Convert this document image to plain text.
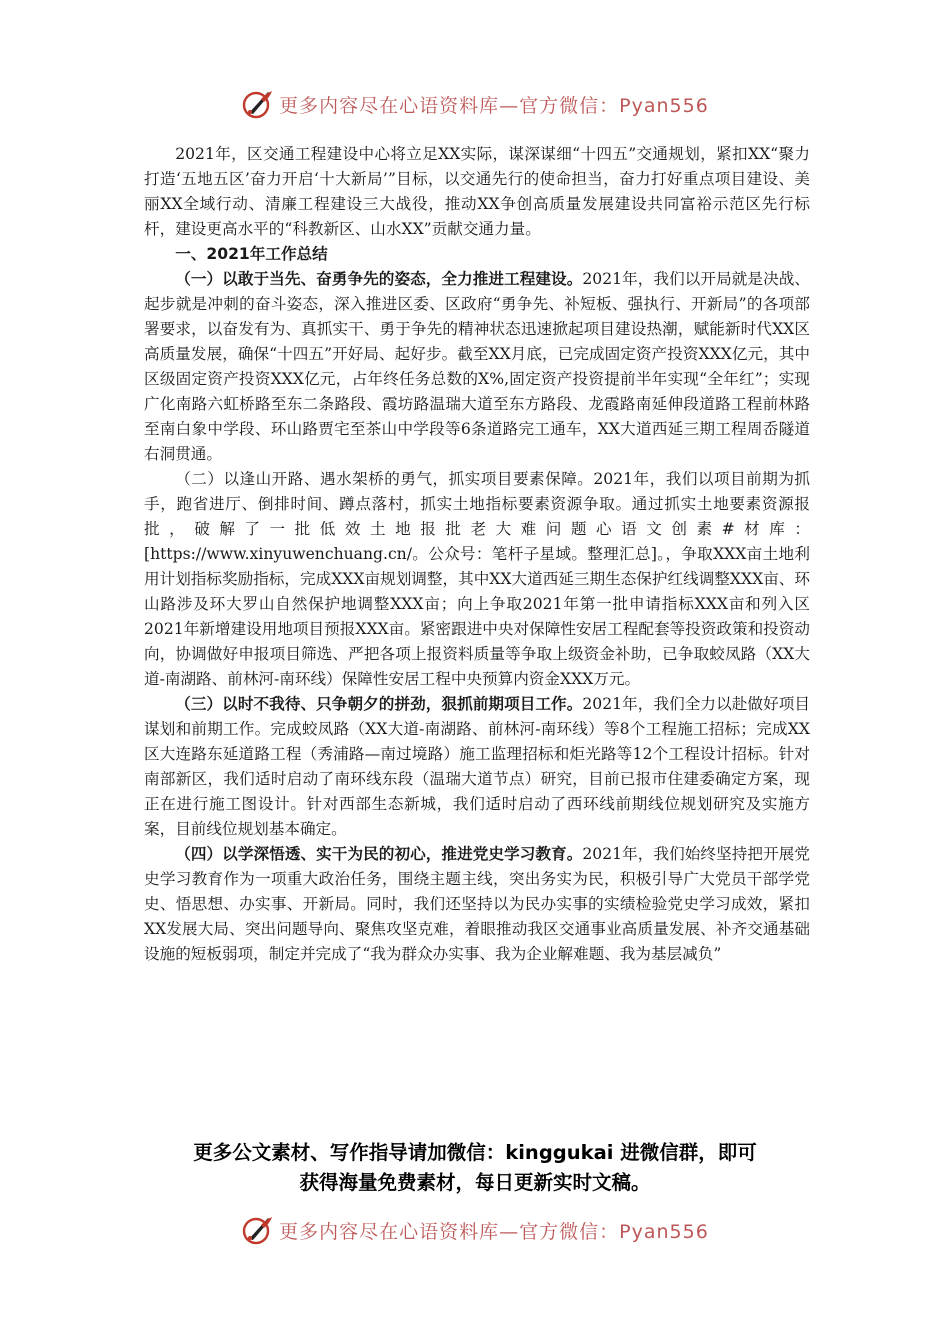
更多内容尽在心语资料库—官方微信：Pyan556

2021年，区交通工程建设中心将立足XX实际，谋深谋细“十四五”交通规划，紧扣XX“聚力打造‘五地五区’奋力开启‘十大新局’”目标，以交通先行的使命担当，奋力打好重点项目建设、美丽XX全域行动、清廉工程建设三大战役，推动XX争创高质量发展建设共同富裕示范区先行标杆，建设更高水平的“科教新区、山水XX”贡献交通力量。

一、2021年工作总结

（一）以敢于当先、奋勇争先的姿态，全力推进工程建设。2021年，我们以开局就是决战、起步就是冲刺的奋斗姿态，深入推进区委、区政府“勇争先、补短板、强执行、开新局”的各项部署要求，以奋发有为、真抓实干、勇于争先的精神状态迅速掀起项目建设热潮，赋能新时代XX区高质量发展，确保“十四五”开好局、起好步。截至XX月底，已完成固定资产投资XXX亿元，其中区级固定资产投资XXX亿元，占年终任务总数的X%,固定资产投资提前半年实现“全年红”；实现广化南路六虹桥路至东二条路段、霞坊路温瑞大道至东方路段、龙霞路南延伸段道路工程前林路至南白象中学段、环山路贾宅至茶山中学段等6条道路完工通车，XX大道西延三期工程周岙隧道右洞贯通。

（二）以逢山开路、遇水架桥的勇气，抓实项目要素保障。2021年，我们以项目前期为抓手，跑省进厅、倒排时间、蹲点落村，抓实土地指标要素资源争取。通过抓实土地要素资源报批，破解了一批低效土地报批老大难问题心语文创素#材库：[https://www.xinyuwenchuang.cn/。公众号：笔杆子星域。整理汇总]。，争取XXX亩土地利用计划指标奖励指标，完成XXX亩规划调整，其中XX大道西延三期生态保护红线调整XXX亩、环山路涉及环大罗山自然保护地调整XXX亩；向上争取2021年第一批申请指标XXX亩和列入区2021年新增建设用地项目预报XXX亩。紧密跟进中央对保障性安居工程配套等投资政策和投资动向，协调做好申报项目筛选、严把各项上报资料质量等争取上级资金补助，已争取蛟凤路（XX大道-南湖路、前林河-南环线）保障性安居工程中央预算内资金XXX万元。

（三）以时不我待、只争朝夕的拼劲，狠抓前期项目工作。2021年，我们全力以赴做好项目谋划和前期工作。完成蛟凤路（XX大道-南湖路、前林河-南环线）等8个工程施工招标；完成XX区大连路东延道路工程（秀浦路—南过境路）施工监理招标和炬光路等12个工程设计招标。针对南部新区，我们适时启动了南环线东段（温瑞大道节点）研究，目前已报市住建委确定方案，现正在进行施工图设计。针对西部生态新城，我们适时启动了西环线前期线位规划研究及实施方案，目前线位规划基本确定。

（四）以学深悟透、实干为民的初心，推进党史学习教育。2021年，我们始终坚持把开展党史学习教育作为一项重大政治任务，围绕主题主线，突出务实为民，积极引导广大党员干部学党史、悟思想、办实事、开新局。同时，我们还坚持以为民办实事的实绩检验党史学习成效，紧扣XX发展大局、突出问题导向、聚焦攻坚克难，着眼推动我区交通事业高质量发展、补齐交通基础设施的短板弱项，制定并完成了“我为群众办实事、我为企业解难题、我为基层减负”

更多公文素材、写作指导请加微信：kinggukai 进微信群，即可
获得海量免费素材，每日更新实时文稿。
更多内容尽在心语资料库—官方微信：Pyan556
